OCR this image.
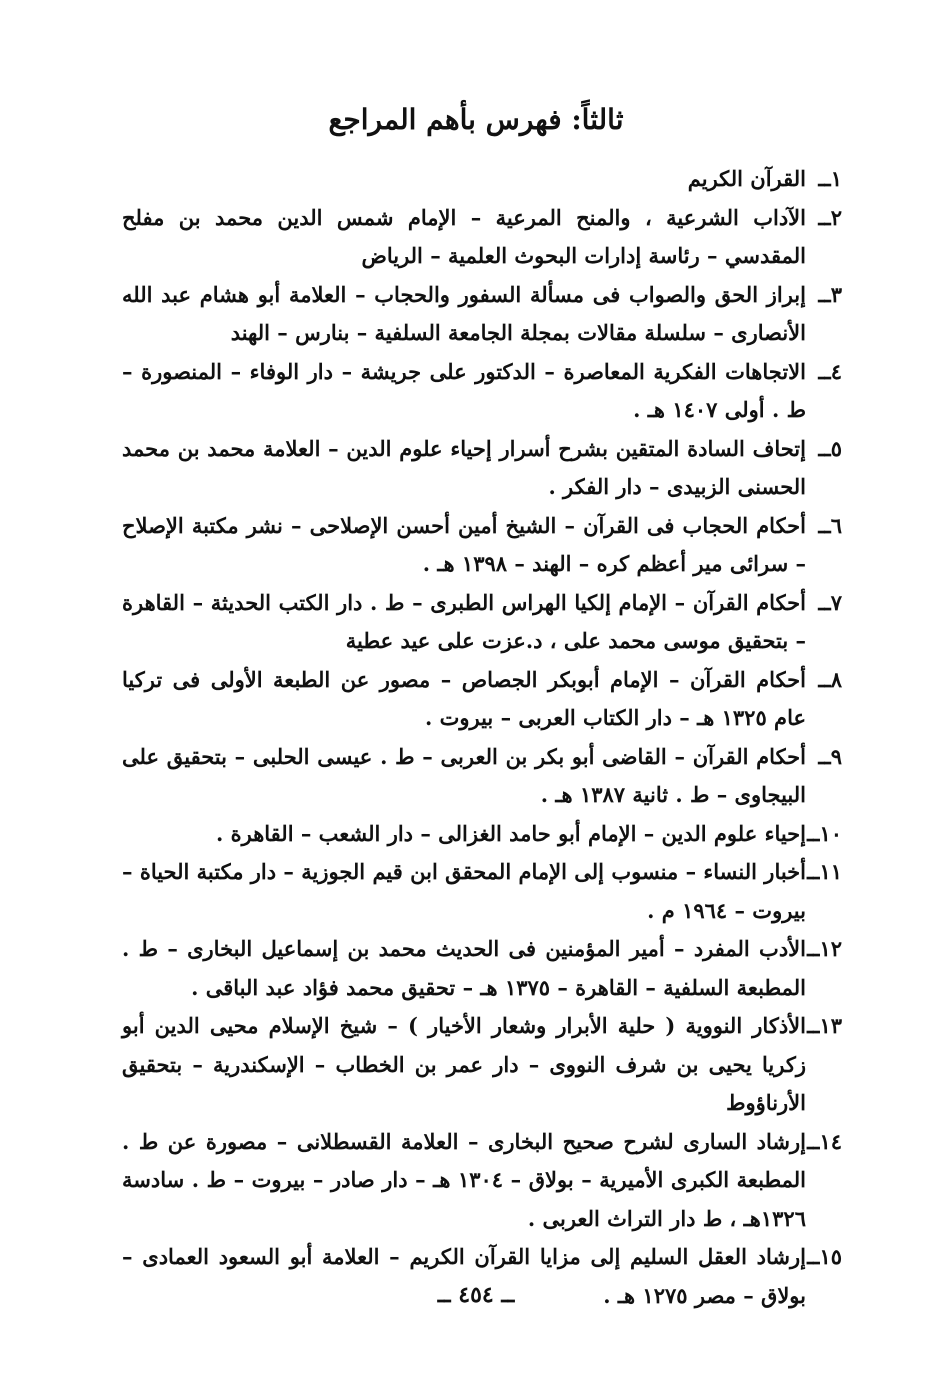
ثالثاً: فهرس بأهم المراجع
١ــ
القرآن الكريم
٢ــ
الآداب الشرعية ، والمنح المرعية – الإمام شمس الدين محمد بن مفلح المقدسي – رئاسة إدارات البحوث العلمية – الرياض
٣ــ
إبراز الحق والصواب فى مسألة السفور والحجاب – العلامة أبو هشام عبد الله الأنصارى – سلسلة مقالات بمجلة الجامعة السلفية – بنارس – الهند
٤ــ
الاتجاهات الفكرية المعاصرة – الدكتور على جريشة – دار الوفاء – المنصورة – ط . أولى ١٤٠٧ هـ .
٥ــ
إتحاف السادة المتقين بشرح أسرار إحياء علوم الدين – العلامة محمد بن محمد الحسنى الزبيدى – دار الفكر .
٦ــ
أحكام الحجاب فى القرآن – الشيخ أمين أحسن الإصلاحى – نشر مكتبة الإصلاح – سرائى مير أعظم كره – الهند – ١٣٩٨ هـ .
٧ــ
أحكام القرآن – الإمام إلكيا الهراس الطبرى – ط . دار الكتب الحديثة – القاهرة – بتحقيق موسى محمد على ، د.عزت على عيد عطية
٨ــ
أحكام القرآن – الإمام أبوبكر الجصاص – مصور عن الطبعة الأولى فى تركيا عام ١٣٢٥ هـ – دار الكتاب العربى – بيروت .
٩ــ
أحكام القرآن – القاضى أبو بكر بن العربى – ط . عيسى الحلبى – بتحقيق على البيجاوى – ط . ثانية ١٣٨٧ هـ .
١٠ــ
إحياء علوم الدين – الإمام أبو حامد الغزالى – دار الشعب – القاهرة .
١١ــ
أخبار النساء – منسوب إلى الإمام المحقق ابن قيم الجوزية – دار مكتبة الحياة – بيروت – ١٩٦٤ م .
١٢ــ
الأدب المفرد – أمير المؤمنين فى الحديث محمد بن إسماعيل البخارى – ط . المطبعة السلفية – القاهرة – ١٣٧٥ هـ – تحقيق محمد فؤاد عبد الباقى .
١٣ــ
الأذكار النووية ( حلية الأبرار وشعار الأخيار ) – شيخ الإسلام محيى الدين أبو زكريا يحيى بن شرف النووى – دار عمر بن الخطاب – الإسكندرية – بتحقيق الأرناؤوط
١٤ــ
إرشاد السارى لشرح صحيح البخارى – العلامة القسطلانى – مصورة عن ط . المطبعة الكبرى الأميرية – بولاق – ١٣٠٤ هـ – دار صادر – بيروت – ط . سادسة ١٣٢٦هـ ، ط دار التراث العربى .
١٥ــ
إرشاد العقل السليم إلى مزايا القرآن الكريم – العلامة أبو السعود العمادى – بولاق – مصر ١٢٧٥ هـ .
ــ ٤٥٤ ــ
